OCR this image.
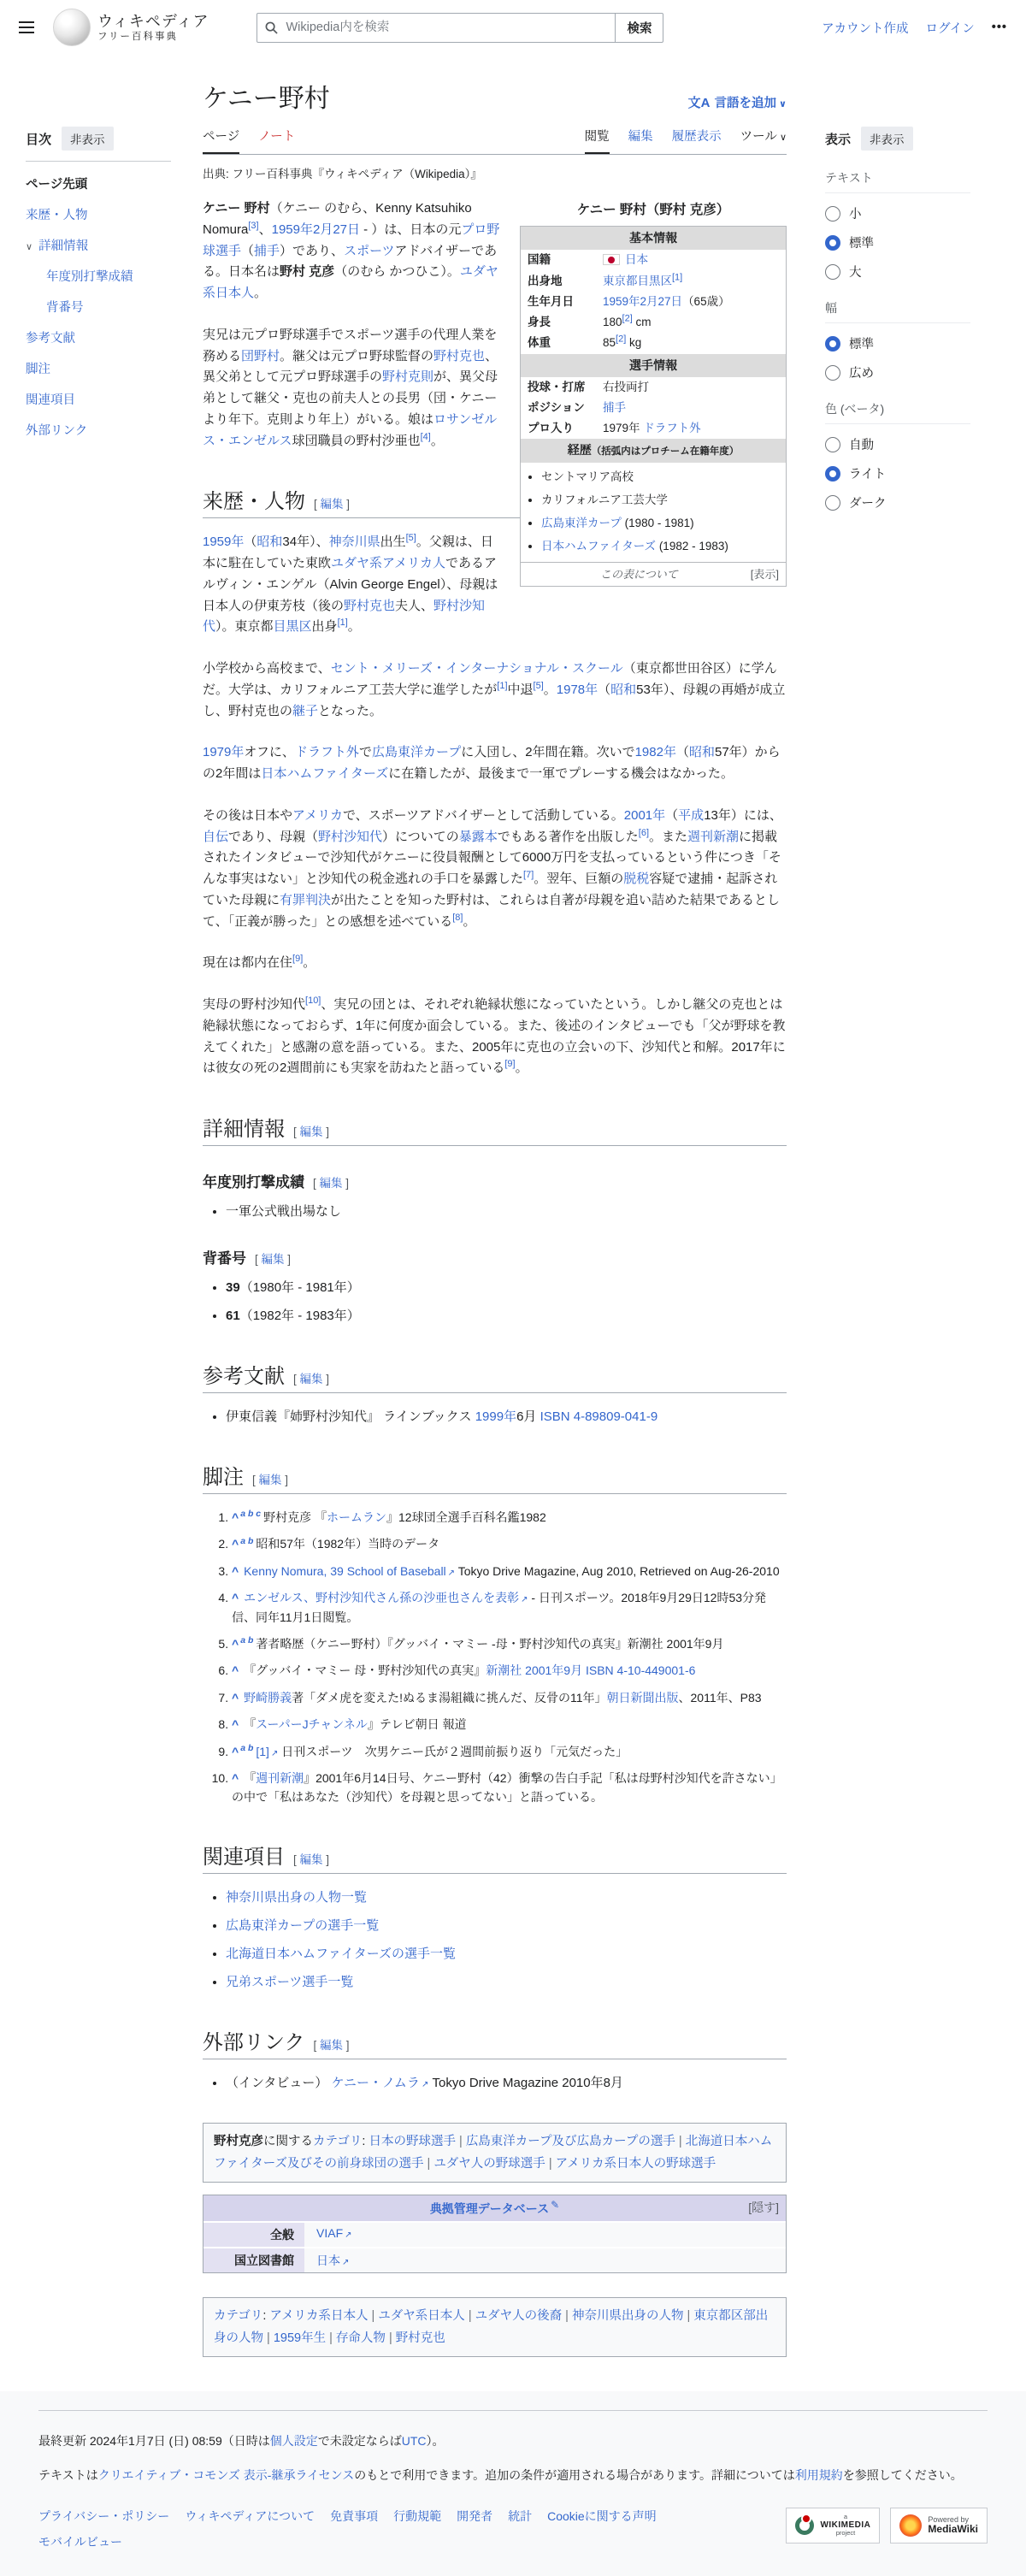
ウィキペディア
フリー百科事典
Wikipedia内を検索
検索	アカウント作成 ログイン •••
目次	非表示
ページ先頭
来歴・人物
∨ 詳細情報
年度別打撃成績
背番号
参考文献
脚注
関連項目
外部リンク
ケニー野村	文A 言語を追加 ∨
ページ ノート	閲覧 編集 履歴表示 ツール ∨
出典: フリー百科事典『ウィキペディア（Wikipedia）』
ケニー 野村（野村 克彦）
基本情報
国籍	日本
出身地	東京都目黒区[1]
生年月日	1959年2月27日（65歳）
身長	180[2] cm
体重	85[2] kg
選手情報
投球・打席	右投両打
ポジション	捕手
プロ入り	1979年 ドラフト外
経歴（括弧内はプロチーム在籍年度）
• セントマリア高校
• カリフォルニア工芸大学
• 広島東洋カープ (1980 - 1981)
• 日本ハムファイターズ (1982 - 1983)
この表について	[ 表示 ]

ケニー 野村（ケニー のむら、Kenny Katsuhiko Nomura[3]、1959年2月27日 - ）は、日本の元プロ野球選手（捕手）であり、スポーツアドバイザーである。日本名は野村 克彦（のむら かつひこ）。ユダヤ系日本人。

実兄は元プロ野球選手でスポーツ選手の代理人業を務める団野村。継父は元プロ野球監督の野村克也、異父弟として元プロ野球選手の野村克則が、異父母弟として継父・克也の前夫人との長男（団・ケニーより年下。克則より年上）がいる。娘はロサンゼルス・エンゼルス球団職員の野村沙亜也[4]。

来歴・人物 [ 編集 ]

1959年（昭和34年）、神奈川県出生[5]。父親は、日本に駐在していた東欧ユダヤ系アメリカ人であるアルヴィン・エンゲル（Alvin George Engel）、母親は日本人の伊東芳枝（後の野村克也夫人、野村沙知代）。東京都目黒区出身[1]。

小学校から高校まで、セント・メリーズ・インターナショナル・スクール（東京都世田谷区）に学んだ。大学は、カリフォルニア工芸大学に進学したが[1]中退[5]。1978年（昭和53年）、母親の再婚が成立し、野村克也の継子となった。

1979年オフに、ドラフト外で広島東洋カープに入団し、2年間在籍。次いで1982年（昭和57年）からの2年間は日本ハムファイターズに在籍したが、最後まで一軍でプレーする機会はなかった。

その後は日本やアメリカで、スポーツアドバイザーとして活動している。2001年（平成13年）には、自伝であり、母親（野村沙知代）についての暴露本でもある著作を出版した[6]。また週刊新潮に掲載されたインタビューで沙知代がケニーに役員報酬として6000万円を支払っているという件につき「そんな事実はない」と沙知代の税金逃れの手口を暴露した[7]。翌年、巨額の脱税容疑で逮捕・起訴されていた母親に有罪判決が出たことを知った野村は、これらは自著が母親を追い詰めた結果であるとして、「正義が勝った」との感想を述べている[8]。

現在は都内在住[9]。

実母の野村沙知代[10]、実兄の団とは、それぞれ絶縁状態になっていたという。しかし継父の克也とは絶縁状態になっておらず、1年に何度か面会している。また、後述のインタビューでも「父が野球を教えてくれた」と感謝の意を語っている。また、2005年に克也の立会いの下、沙知代と和解。2017年には彼女の死の2週間前にも実家を訪ねたと語っている[9]。

詳細情報 [ 編集 ]
年度別打撃成績 [ 編集 ]
• 一軍公式戦出場なし
背番号 [ 編集 ]
• 39（1980年 - 1981年）
• 61（1982年 - 1983年）
参考文献 [ 編集 ]
• 伊東信義『姉野村沙知代』 ラインブックス 1999年6月 ISBN 4-89809-041-9
脚注 [ 編集 ]
1. ^ $^{a b c}$ 野村克彦 『ホームラン』12球団全選手百科名鑑1982
2. ^ $^{a b}$ 昭和57年（1982年）当時のデータ
3. ^ Kenny Nomura, 39 School of Baseball ↗ Tokyo Drive Magazine, Aug 2010, Retrieved on Aug-26-2010
4. ^ エンゼルス、野村沙知代さん孫の沙亜也さんを表彰 ↗ - 日刊スポーツ。2018年9月29日12時53分発信、同年11月1日閲覧。
5. ^ $^{a b}$ 著者略歴（ケニー野村）『グッバイ・マミー -母・野村沙知代の真実』新潮社 2001年9月
6. ^ 『グッバイ・マミー 母・野村沙知代の真実』新潮社 2001年9月 ISBN 4-10-449001-6
7. ^ 野崎勝義著「ダメ虎を変えた!ぬるま湯組織に挑んだ、反骨の11年」朝日新聞出版、2011年、P83
8. ^ 『スーパーJチャンネル』テレビ朝日 報道
9. ^ $^{a b}$ [1] ↗ 日刊スポーツ　次男ケニー氏が２週間前振り返り「元気だった」
10. ^ 『週刊新潮』2001年6月14日号、ケニー野村（42）衝撃の告白手記「私は母野村沙知代を許さない」の中で「私はあなた（沙知代）を母親と思ってない」と語っている。
関連項目 [ 編集 ]
• 神奈川県出身の人物一覧
• 広島東洋カープの選手一覧
• 北海道日本ハムファイターズの選手一覧
• 兄弟スポーツ選手一覧
外部リンク [ 編集 ]
• （インタビュー） ケニー・ノムラ ↗ Tokyo Drive Magazine 2010年8月
野村克彦に関するカテゴリ: 日本の野球選手 | 広島東洋カープ及び広島カープの選手 | 北海道日本ハムファイターズ及びその前身球団の選手 | ユダヤ人の野球選手 | アメリカ系日本人の野球選手
典拠管理データベース ✎	[ 隠す ]
全般	VIAF ↗
国立図書館	日本 ↗
カテゴリ: アメリカ系日本人 | ユダヤ系日本人 | ユダヤ人の後裔 | 神奈川県出身の人物 | 東京都区部出身の人物 | 1959年生 | 存命人物 | 野村克也
表示	非表示
テキスト
小
標準
大
幅
標準
広め
色 (ベータ)
自動
ライト
ダーク
最終更新 2024年1月7日 (日) 08:59（日時は個人設定で未設定ならばUTC）。
テキストはクリエイティブ・コモンズ 表示-継承ライセンスのもとで利用できます。追加の条件が適用される場合があります。詳細については利用規約を参照してください。
プライバシー・ポリシー ウィキペディアについて 免責事項 行動規範 開発者 統計 Cookieに関する声明
モバイルビュー
a
WIKIMEDIA
project
Powered by
MediaWiki
